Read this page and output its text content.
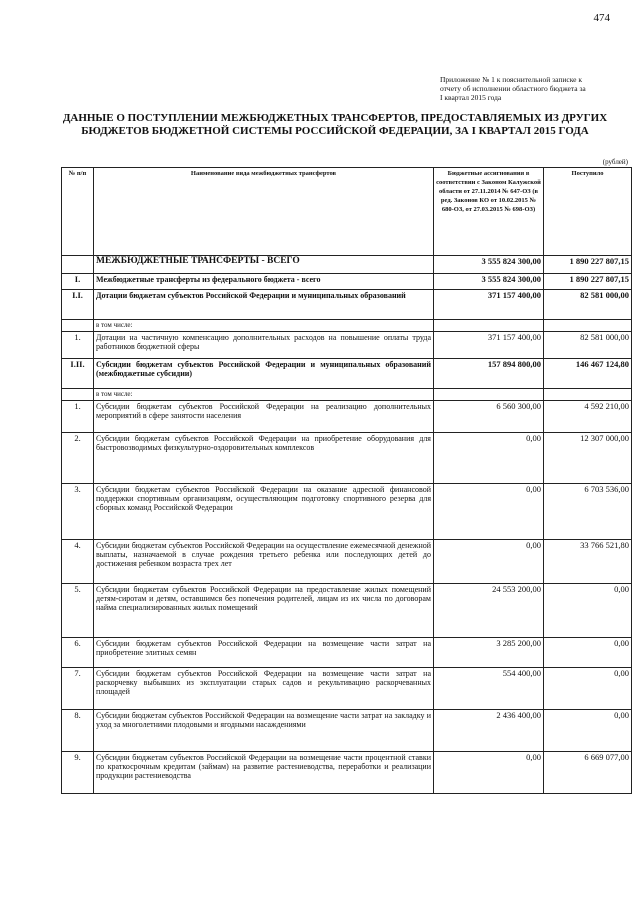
474
Приложение № 1 к пояснительной записке к
отчету об исполнении областного бюджета за
I квартал 2015 года
ДАННЫЕ О ПОСТУПЛЕНИИ МЕЖБЮДЖЕТНЫХ ТРАНСФЕРТОВ, ПРЕДОСТАВЛЯЕМЫХ ИЗ ДРУГИХ
БЮДЖЕТОВ БЮДЖЕТНОЙ СИСТЕМЫ РОССИЙСКОЙ ФЕДЕРАЦИИ, ЗА I КВАРТАЛ 2015 ГОДА
(рублей)
№ п/п	Наименование вида межбюджетных трансфертов	Бюджетные ассигнования в соответствии с Законом Калужской области от 27.11.2014 № 647-ОЗ (в ред. Законов КО от 10.02.2015 № 680-ОЗ, от 27.03.2015 № 698-ОЗ)	Поступило
	МЕЖБЮДЖЕТНЫЕ ТРАНСФЕРТЫ - ВСЕГО	3 555 824 300,00	1 890 227 807,15
I.	Межбюджетные трансферты из федерального бюджета - всего	3 555 824 300,00	1 890 227 807,15
I.I.	Дотации бюджетам субъектов Российской Федерации и муниципальных образований	371 157 400,00	82 581 000,00
	в том числе:		
1.	Дотации на частичную компенсацию дополнительных расходов на повышение оплаты труда работников бюджетной сферы	371 157 400,00	82 581 000,00
I.II.	Субсидии бюджетам субъектов Российской Федерации и муниципальных образований (межбюджетные субсидии)	157 894 800,00	146 467 124,80
	в том числе:		
1.	Субсидии бюджетам субъектов Российской Федерации на реализацию дополнительных мероприятий в сфере занятости населения	6 560 300,00	4 592 210,00
2.	Субсидии бюджетам субъектов Российской Федерации на приобретение оборудования для быстровозводимых физкультурно-оздоровительных комплексов	0,00	12 307 000,00
3.	Субсидии бюджетам субъектов Российской Федерации на оказание адресной финансовой поддержки спортивным организациям, осуществляющим подготовку спортивного резерва для сборных команд Российской Федерации	0,00	6 703 536,00
4.	Субсидии бюджетам субъектов Российской Федерации на осуществление ежемесячной денежной выплаты, назначаемой в случае рождения третьего ребенка или последующих детей до достижения ребенком возраста трех лет	0,00	33 766 521,80
5.	Субсидии бюджетам субъектов Российской Федерации на предоставление жилых помещений детям-сиротам и детям, оставшимся без попечения родителей, лицам из их числа по договорам найма специализированных жилых помещений	24 553 200,00	0,00
6.	Субсидии бюджетам субъектов Российской Федерации на возмещение части затрат на приобретение элитных семян	3 285 200,00	0,00
7.	Субсидии бюджетам субъектов Российской Федерации на возмещение части затрат на раскорчевку выбывших из эксплуатации старых садов и рекультивацию раскорчеванных площадей	554 400,00	0,00
8.	Субсидии бюджетам субъектов Российской Федерации на возмещение части затрат на закладку и уход за многолетними плодовыми и ягодными насаждениями	2 436 400,00	0,00
9.	Субсидии бюджетам субъектов Российской Федерации на возмещение части процентной ставки по краткосрочным кредитам (займам) на развитие растениеводства, переработки и реализации продукции растениеводства	0,00	6 669 077,00
